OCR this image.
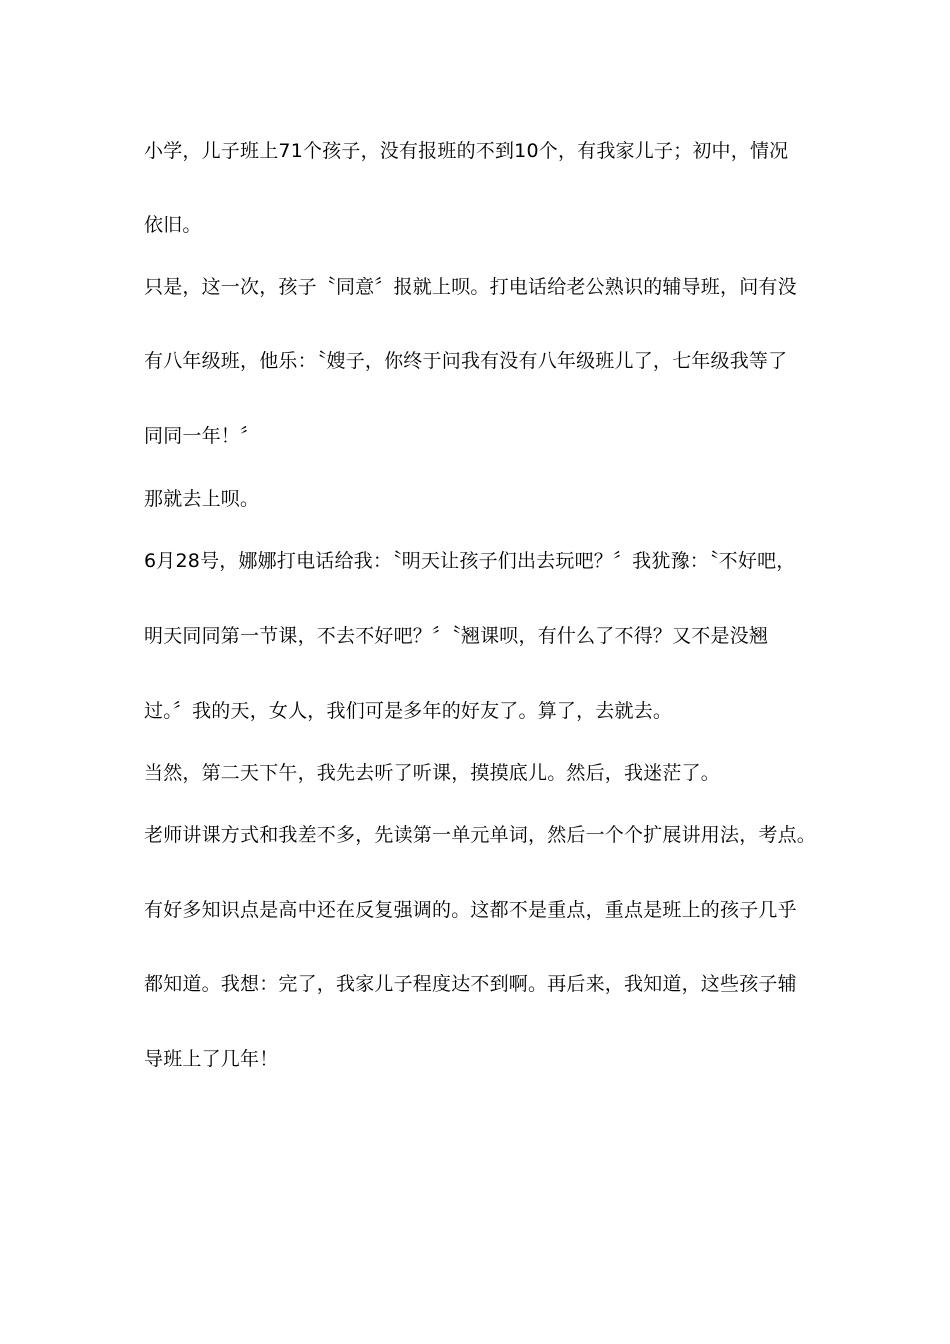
小学，儿子班上71个孩子，没有报班的不到10个，有我家儿子；初中，情况
依旧。
只是，这一次，孩子〝同意〞报就上呗。打电话给老公熟识的辅导班，问有没
有八年级班，他乐：〝嫂子，你终于问我有没有八年级班儿了，七年级我等了
同同一年！〞
那就去上呗。
6月28号，娜娜打电话给我：〝明天让孩子们出去玩吧？〞我犹豫：〝不好吧，
明天同同第一节课，不去不好吧？〞〝翘课呗，有什么了不得？又不是没翘
过。〞我的天，女人，我们可是多年的好友了。算了，去就去。
当然，第二天下午，我先去听了听课，摸摸底儿。然后，我迷茫了。
老师讲课方式和我差不多，先读第一单元单词，然后一个个扩展讲用法，考点。
有好多知识点是高中还在反复强调的。这都不是重点，重点是班上的孩子几乎
都知道。我想：完了，我家儿子程度达不到啊。再后来，我知道，这些孩子辅
导班上了几年！
